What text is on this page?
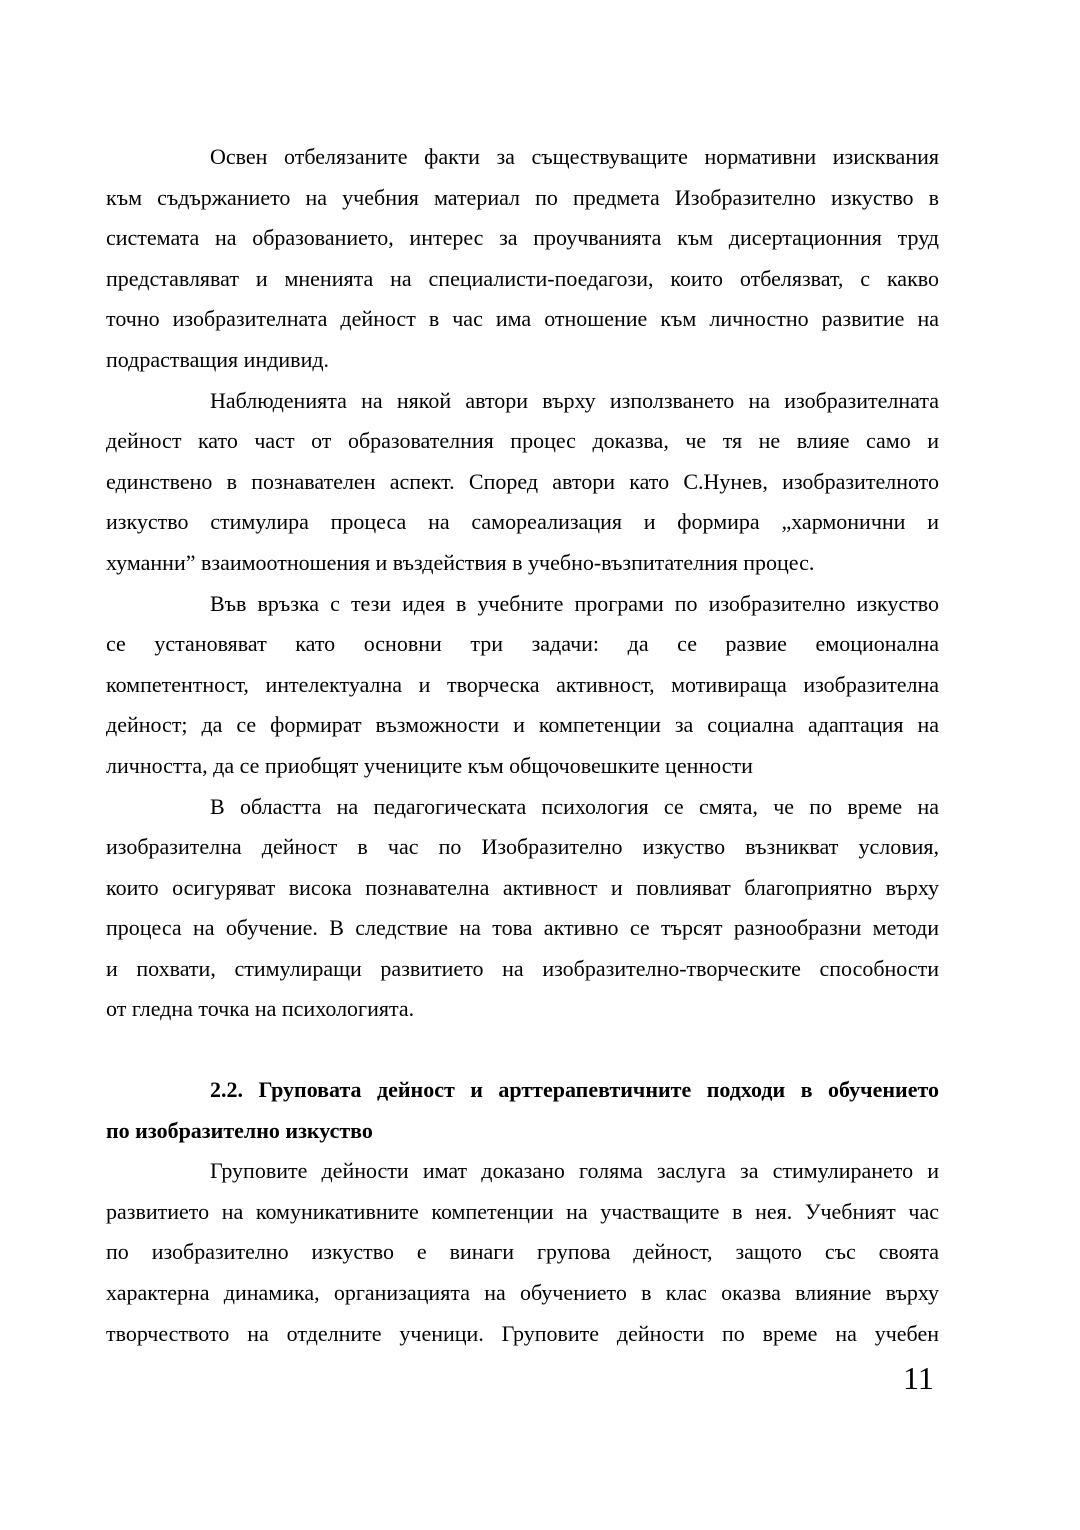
Освен отбелязаните факти за съществуващите нормативни изисквания
към съдържанието на учебния материал по предмета Изобразително изкуство в
системата на образованието, интерес за проучванията към дисертационния труд
представляват и мненията на специалисти-поедагози, които отбелязват, с какво
точно изобразителната дейност в час има отношение към личностно развитие на
подрастващия индивид.
Наблюденията на някой автори върху използването на изобразителната
дейност като част от образователния процес доказва, че тя не влияе само и
единствено в познавателен аспект. Според автори като С.Нунев, изобразителното
изкуство стимулира процеса на самореализация и формира „хармонични и
хуманни” взаимоотношения и въздействия в учебно-възпитателния процес.
Във връзка с тези идея в учебните програми по изобразително изкуство
се установяват като основни три задачи: да се развие емоционална
компетентност, интелектуална и творческа активност, мотивираща изобразителна
дейност; да се формират възможности и компетенции за социална адаптация на
личността, да се приобщят учениците към общочовешките ценности
В областта на педагогическата психология се смята, че по време на
изобразителна дейност в час по Изобразително изкуство възникват условия,
които осигуряват висока познавателна активност и повлияват благоприятно върху
процеса на обучение. В следствие на това активно се търсят разнообразни методи
и похвати, стимулиращи развитието на изобразително-творческите способности
от гледна точка на психологията.
2.2. Груповата дейност и арттерапевтичните подходи в обучението
по изобразително изкуство
Груповите дейности имат доказано голяма заслуга за стимулирането и
развитието на комуникативните компетенции на участващите в нея. Учебният час
по изобразително изкуство е винаги групова дейност, защото със своята
характерна динамика, организацията на обучението в клас оказва влияние върху
творчеството на отделните ученици. Груповите дейности по време на учебен
11
